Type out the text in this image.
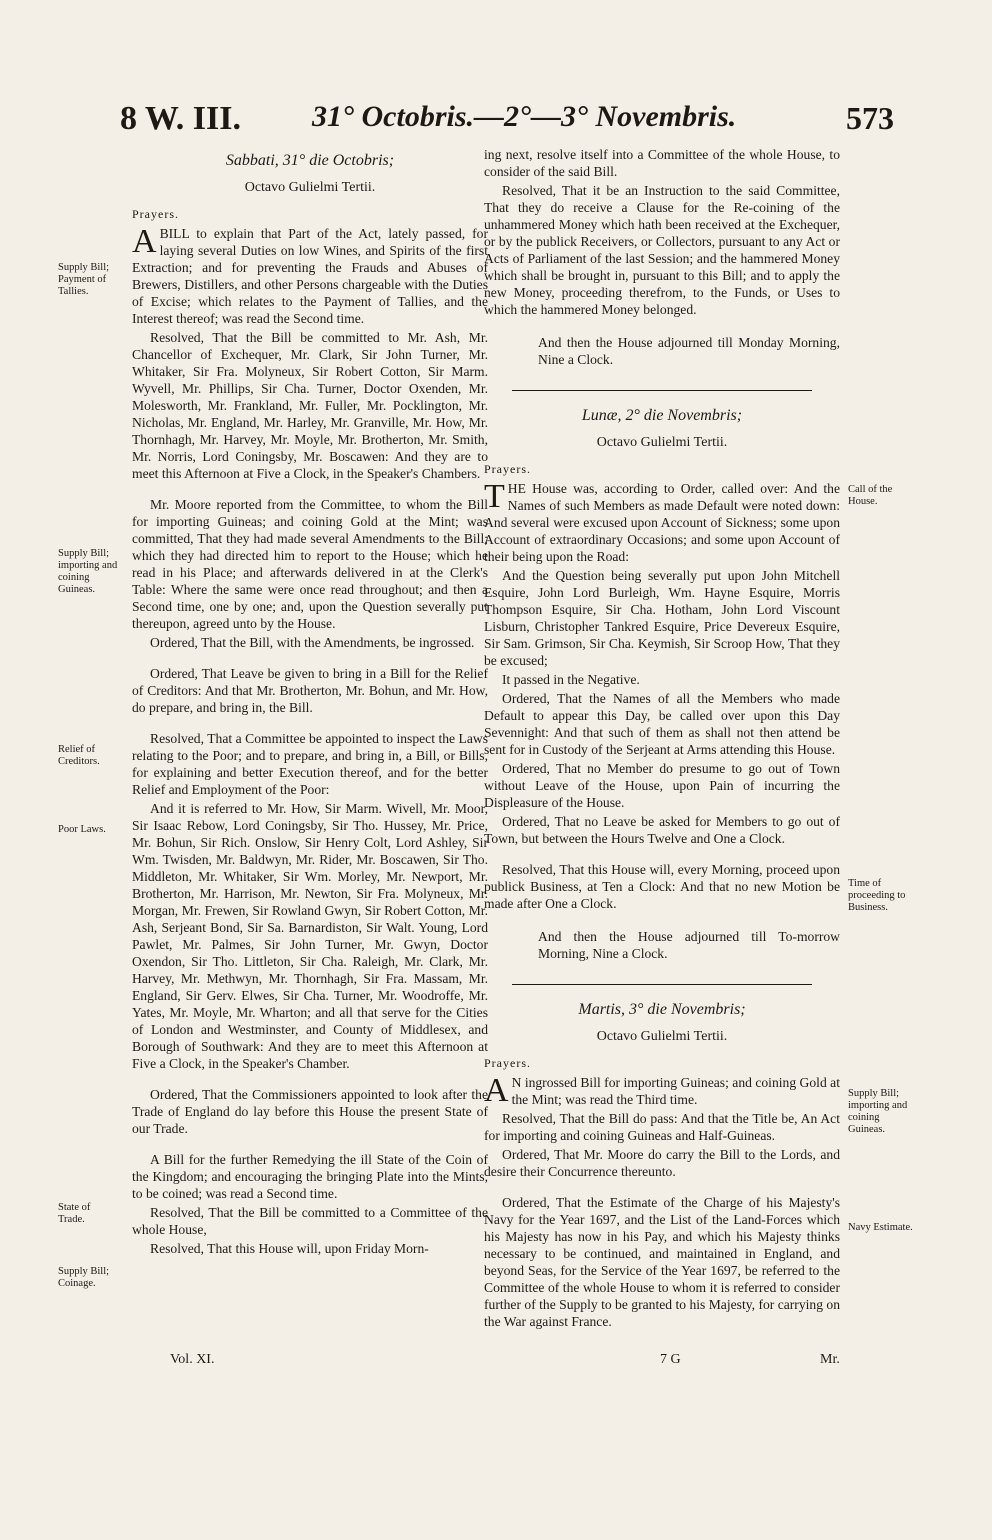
8 W. III. 31° Octobris.—2°—3° Novembris.	573
Supply Bill; Payment of Tallies.
Supply Bill; importing and coining Guineas.
Relief of Creditors.
Poor Laws.
State of Trade.
Supply Bill; Coinage.
Call of the House.
Time of proceeding to Business.
Supply Bill; importing and coining Guineas.
Navy Estimate.
Sabbati, 31° die Octobris;
Octavo Gulielmi Tertii.
Prayers.

ABILL to explain that Part of the Act, lately passed, for laying several Duties on low Wines, and Spirits of the first Extraction; and for preventing the Frauds and Abuses of Brewers, Distillers, and other Persons chargeable with the Duties of Excise; which relates to the Payment of Tallies, and the Interest thereof; was read the Second time.

Resolved, That the Bill be committed to Mr. Ash, Mr. Chancellor of Exchequer, Mr. Clark, Sir John Turner, Mr. Whitaker, Sir Fra. Molyneux, Sir Robert Cotton, Sir Marm. Wyvell, Mr. Phillips, Sir Cha. Turner, Doctor Oxenden, Mr. Molesworth, Mr. Frankland, Mr. Fuller, Mr. Pocklington, Mr. Nicholas, Mr. England, Mr. Harley, Mr. Granville, Mr. How, Mr. Thornhagh, Mr. Harvey, Mr. Moyle, Mr. Brotherton, Mr. Smith, Mr. Norris, Lord Coningsby, Mr. Boscawen: And they are to meet this Afternoon at Five a Clock, in the Speaker's Chambers.

Mr. Moore reported from the Committee, to whom the Bill for importing Guineas; and coining Gold at the Mint; was committed, That they had made several Amendments to the Bill; which they had directed him to report to the House; which he read in his Place; and afterwards delivered in at the Clerk's Table: Where the same were once read throughout; and then a Second time, one by one; and, upon the Question severally put thereupon, agreed unto by the House.

Ordered, That the Bill, with the Amendments, be ingrossed.

Ordered, That Leave be given to bring in a Bill for the Relief of Creditors: And that Mr. Brotherton, Mr. Bohun, and Mr. How, do prepare, and bring in, the Bill.

Resolved, That a Committee be appointed to inspect the Laws relating to the Poor; and to prepare, and bring in, a Bill, or Bills, for explaining and better Execution thereof, and for the better Relief and Employment of the Poor:

And it is referred to Mr. How, Sir Marm. Wivell, Mr. Moor, Sir Isaac Rebow, Lord Coningsby, Sir Tho. Hussey, Mr. Price, Mr. Bohun, Sir Rich. Onslow, Sir Henry Colt, Lord Ashley, Sir Wm. Twisden, Mr. Baldwyn, Mr. Rider, Mr. Boscawen, Sir Tho. Middleton, Mr. Whitaker, Sir Wm. Morley, Mr. Newport, Mr. Brotherton, Mr. Harrison, Mr. Newton, Sir Fra. Molyneux, Mr. Morgan, Mr. Frewen, Sir Rowland Gwyn, Sir Robert Cotton, Mr. Ash, Serjeant Bond, Sir Sa. Barnardiston, Sir Walt. Young, Lord Pawlet, Mr. Palmes, Sir John Turner, Mr. Gwyn, Doctor Oxendon, Sir Tho. Littleton, Sir Cha. Raleigh, Mr. Clark, Mr. Harvey, Mr. Methwyn, Mr. Thornhagh, Sir Fra. Massam, Mr. England, Sir Gerv. Elwes, Sir Cha. Turner, Mr. Woodroffe, Mr. Yates, Mr. Moyle, Mr. Wharton; and all that serve for the Cities of London and Westminster, and County of Middlesex, and Borough of Southwark: And they are to meet this Afternoon at Five a Clock, in the Speaker's Chamber.

Ordered, That the Commissioners appointed to look after the Trade of England do lay before this House the present State of our Trade.

A Bill for the further Remedying the ill State of the Coin of the Kingdom; and encouraging the bringing Plate into the Mints, to be coined; was read a Second time.

Resolved, That the Bill be committed to a Committee of the whole House,

Resolved, That this House will, upon Friday Morn-

ing next, resolve itself into a Committee of the whole House, to consider of the said Bill.

Resolved, That it be an Instruction to the said Committee, That they do receive a Clause for the Re-coining of the unhammered Money which hath been received at the Exchequer, or by the publick Receivers, or Collectors, pursuant to any Act or Acts of Parliament of the last Session; and the hammered Money which shall be brought in, pursuant to this Bill; and to apply the new Money, proceeding therefrom, to the Funds, or Uses to which the hammered Money belonged.

And then the House adjourned till Monday Morning, Nine a Clock.

Lunæ, 2° die Novembris;
Octavo Gulielmi Tertii.
Prayers.

THE House was, according to Order, called over: And the Names of such Members as made Default were noted down: And several were excused upon Account of Sickness; some upon Account of extraordinary Occasions; and some upon Account of their being upon the Road:

And the Question being severally put upon John Mitchell Esquire, John Lord Burleigh, Wm. Hayne Esquire, Morris Thompson Esquire, Sir Cha. Hotham, John Lord Viscount Lisburn, Christopher Tankred Esquire, Price Devereux Esquire, Sir Sam. Grimson, Sir Cha. Keymish, Sir Scroop How, That they be excused;

It passed in the Negative.

Ordered, That the Names of all the Members who made Default to appear this Day, be called over upon this Day Sevennight: And that such of them as shall not then attend be sent for in Custody of the Serjeant at Arms attending this House.

Ordered, That no Member do presume to go out of Town without Leave of the House, upon Pain of incurring the Displeasure of the House.

Ordered, That no Leave be asked for Members to go out of Town, but between the Hours Twelve and One a Clock.

Resolved, That this House will, every Morning, proceed upon publick Business, at Ten a Clock: And that no new Motion be made after One a Clock.

And then the House adjourned till To-morrow Morning, Nine a Clock.

Martis, 3° die Novembris;
Octavo Gulielmi Tertii.
Prayers.

AN ingrossed Bill for importing Guineas; and coining Gold at the Mint; was read the Third time.

Resolved, That the Bill do pass: And that the Title be, An Act for importing and coining Guineas and Half-Guineas.

Ordered, That Mr. Moore do carry the Bill to the Lords, and desire their Concurrence thereunto.

Ordered, That the Estimate of the Charge of his Majesty's Navy for the Year 1697, and the List of the Land-Forces which his Majesty has now in his Pay, and which his Majesty thinks necessary to be continued, and maintained in England, and beyond Seas, for the Service of the Year 1697, be referred to the Committee of the whole House to whom it is referred to consider further of the Supply to be granted to his Majesty, for carrying on the War against France.

Vol. XI.	7 G	Mr.
